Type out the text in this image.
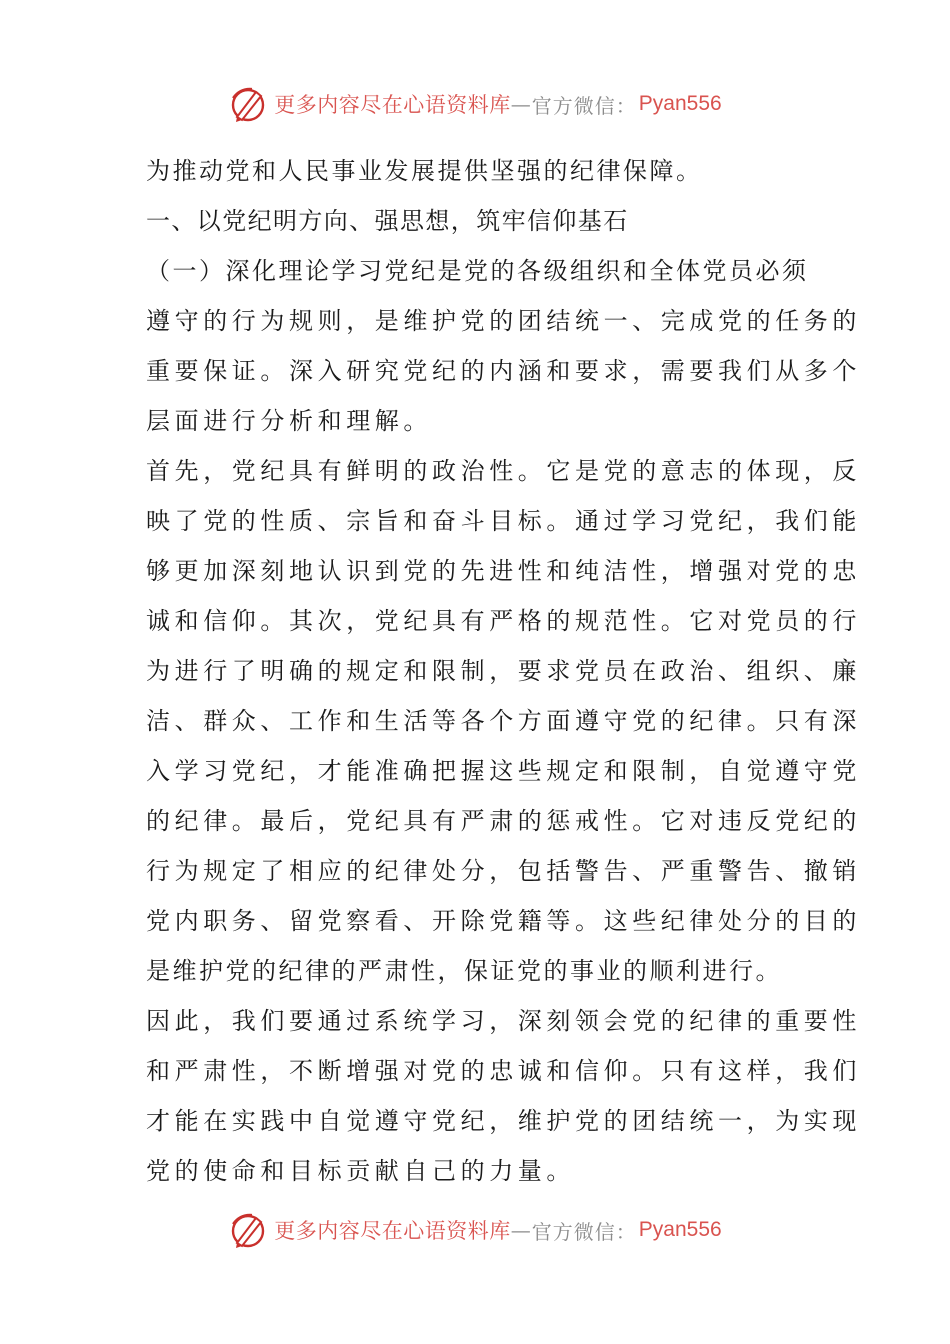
更多内容尽在心语资料库 — 官方微信： Pyan556
为推动党和人民事业发展提供坚强的纪律保障。
一、以党纪明方向、强思想，筑牢信仰基石
（一）深化理论学习党纪是党的各级组织和全体党员必须
遵守的行为规则，是维护党的团结统一、完成党的任务的
重要保证。深入研究党纪的内涵和要求，需要我们从多个
层面进行分析和理解。
首先，党纪具有鲜明的政治性。它是党的意志的体现，反
映了党的性质、宗旨和奋斗目标。通过学习党纪，我们能
够更加深刻地认识到党的先进性和纯洁性，增强对党的忠
诚和信仰。其次，党纪具有严格的规范性。它对党员的行
为进行了明确的规定和限制，要求党员在政治、组织、廉
洁、群众、工作和生活等各个方面遵守党的纪律。只有深
入学习党纪，才能准确把握这些规定和限制，自觉遵守党
的纪律。最后，党纪具有严肃的惩戒性。它对违反党纪的
行为规定了相应的纪律处分，包括警告、严重警告、撤销
党内职务、留党察看、开除党籍等。这些纪律处分的目的
是维护党的纪律的严肃性，保证党的事业的顺利进行。
因此，我们要通过系统学习，深刻领会党的纪律的重要性
和严肃性，不断增强对党的忠诚和信仰。只有这样，我们
才能在实践中自觉遵守党纪，维护党的团结统一，为实现
党的使命和目标贡献自己的力量。
更多内容尽在心语资料库 — 官方微信： Pyan556
